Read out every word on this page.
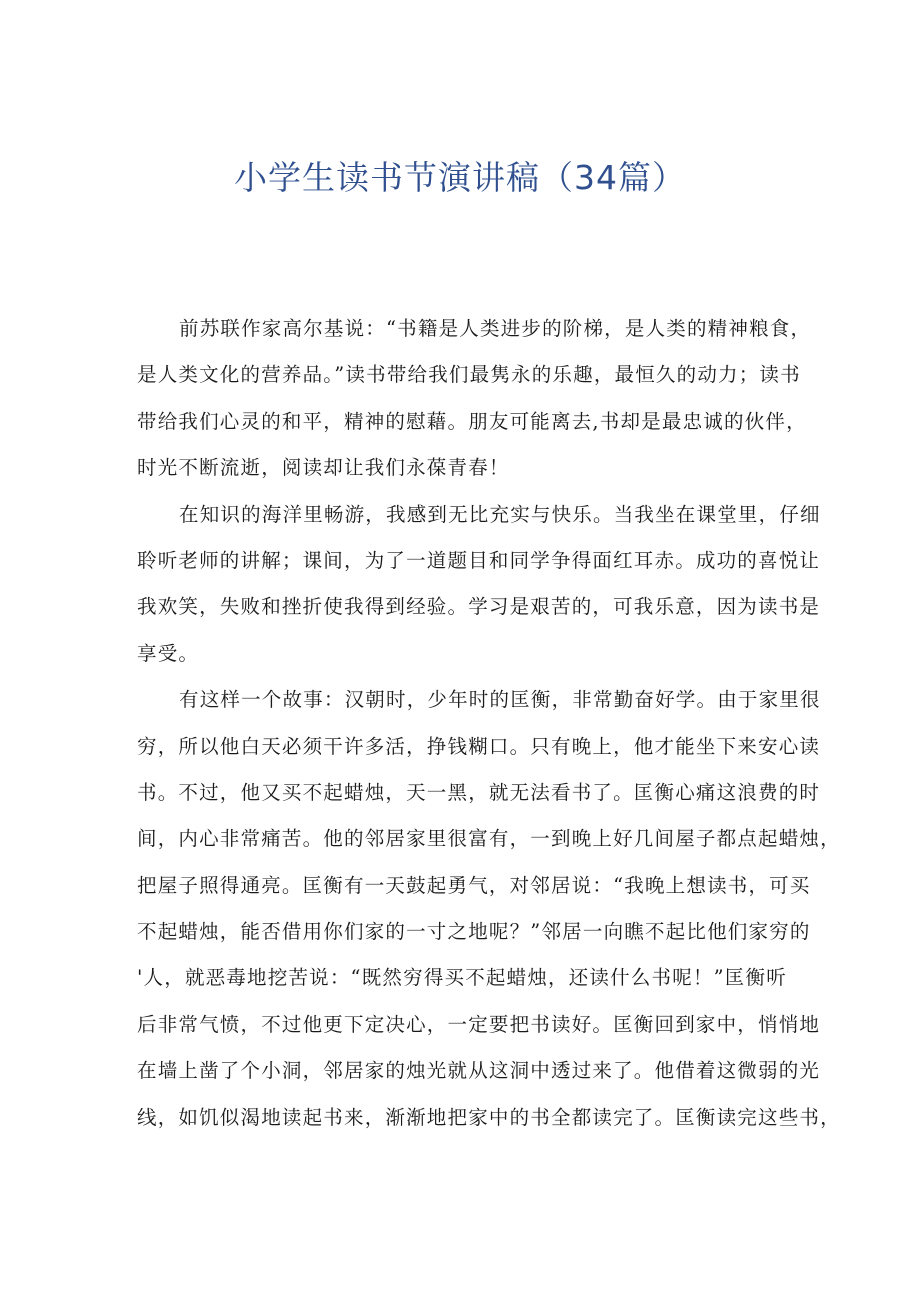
小学生读书节演讲稿（34篇）

前苏联作家高尔基说：“书籍是人类进步的阶梯，是人类的精神粮食，
是人类文化的营养品。”读书带给我们最隽永的乐趣，最恒久的动力；读书
带给我们心灵的和平，精神的慰藉。朋友可能离去,书却是最忠诚的伙伴，
时光不断流逝，阅读却让我们永葆青春！

在知识的海洋里畅游，我感到无比充实与快乐。当我坐在课堂里，仔细
聆听老师的讲解；课间，为了一道题目和同学争得面红耳赤。成功的喜悦让
我欢笑，失败和挫折使我得到经验。学习是艰苦的，可我乐意，因为读书是
享受。

有这样一个故事：汉朝时，少年时的匡衡，非常勤奋好学。由于家里很
穷，所以他白天必须干许多活，挣钱糊口。只有晚上，他才能坐下来安心读
书。不过，他又买不起蜡烛，天一黑，就无法看书了。匡衡心痛这浪费的时
间，内心非常痛苦。他的邻居家里很富有，一到晚上好几间屋子都点起蜡烛，
把屋子照得通亮。匡衡有一天鼓起勇气，对邻居说：“我晚上想读书，可买
不起蜡烛，能否借用你们家的一寸之地呢？”邻居一向瞧不起比他们家穷的
'人，就恶毒地挖苦说：“既然穷得买不起蜡烛，还读什么书呢！”匡衡听
后非常气愤，不过他更下定决心，一定要把书读好。匡衡回到家中，悄悄地
在墙上凿了个小洞，邻居家的烛光就从这洞中透过来了。他借着这微弱的光
线，如饥似渴地读起书来，渐渐地把家中的书全都读完了。匡衡读完这些书，
